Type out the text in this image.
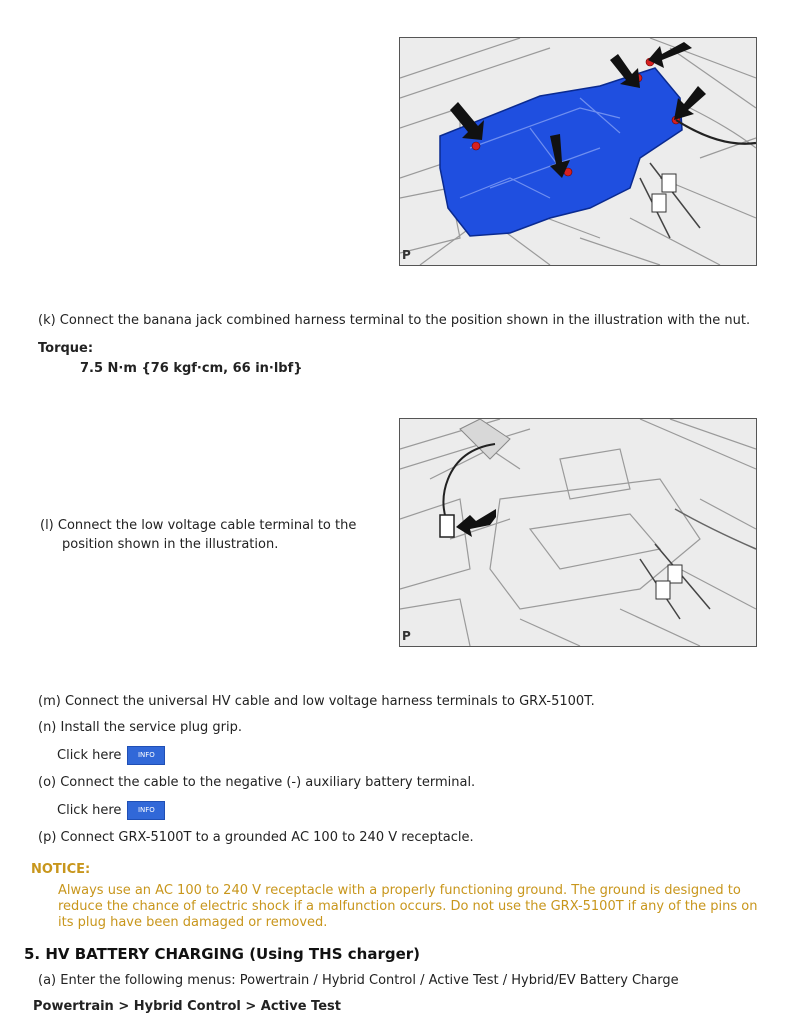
P
(k) Connect the banana jack combined harness terminal to the position shown in the illustration with the nut.
Torque:
7.5 N·m {76 kgf·cm, 66 in·lbf}
P
(l) Connect the low voltage cable terminal to the
position shown in the illustration.
(m) Connect the universal HV cable and low voltage harness terminals to GRX-5100T.
(n) Install the service plug grip.
Click here INFO
(o) Connect the cable to the negative (-) auxiliary battery terminal.
Click here INFO
(p) Connect GRX-5100T to a grounded AC 100 to 240 V receptacle.
NOTICE:
Always use an AC 100 to 240 V receptacle with a properly functioning ground. The ground is designed to
reduce the chance of electric shock if a malfunction occurs. Do not use the GRX-5100T if any of the pins on
its plug have been damaged or removed.
5. HV BATTERY CHARGING (Using THS charger)
(a) Enter the following menus: Powertrain / Hybrid Control / Active Test / Hybrid/EV Battery Charge
Powertrain > Hybrid Control > Active Test
